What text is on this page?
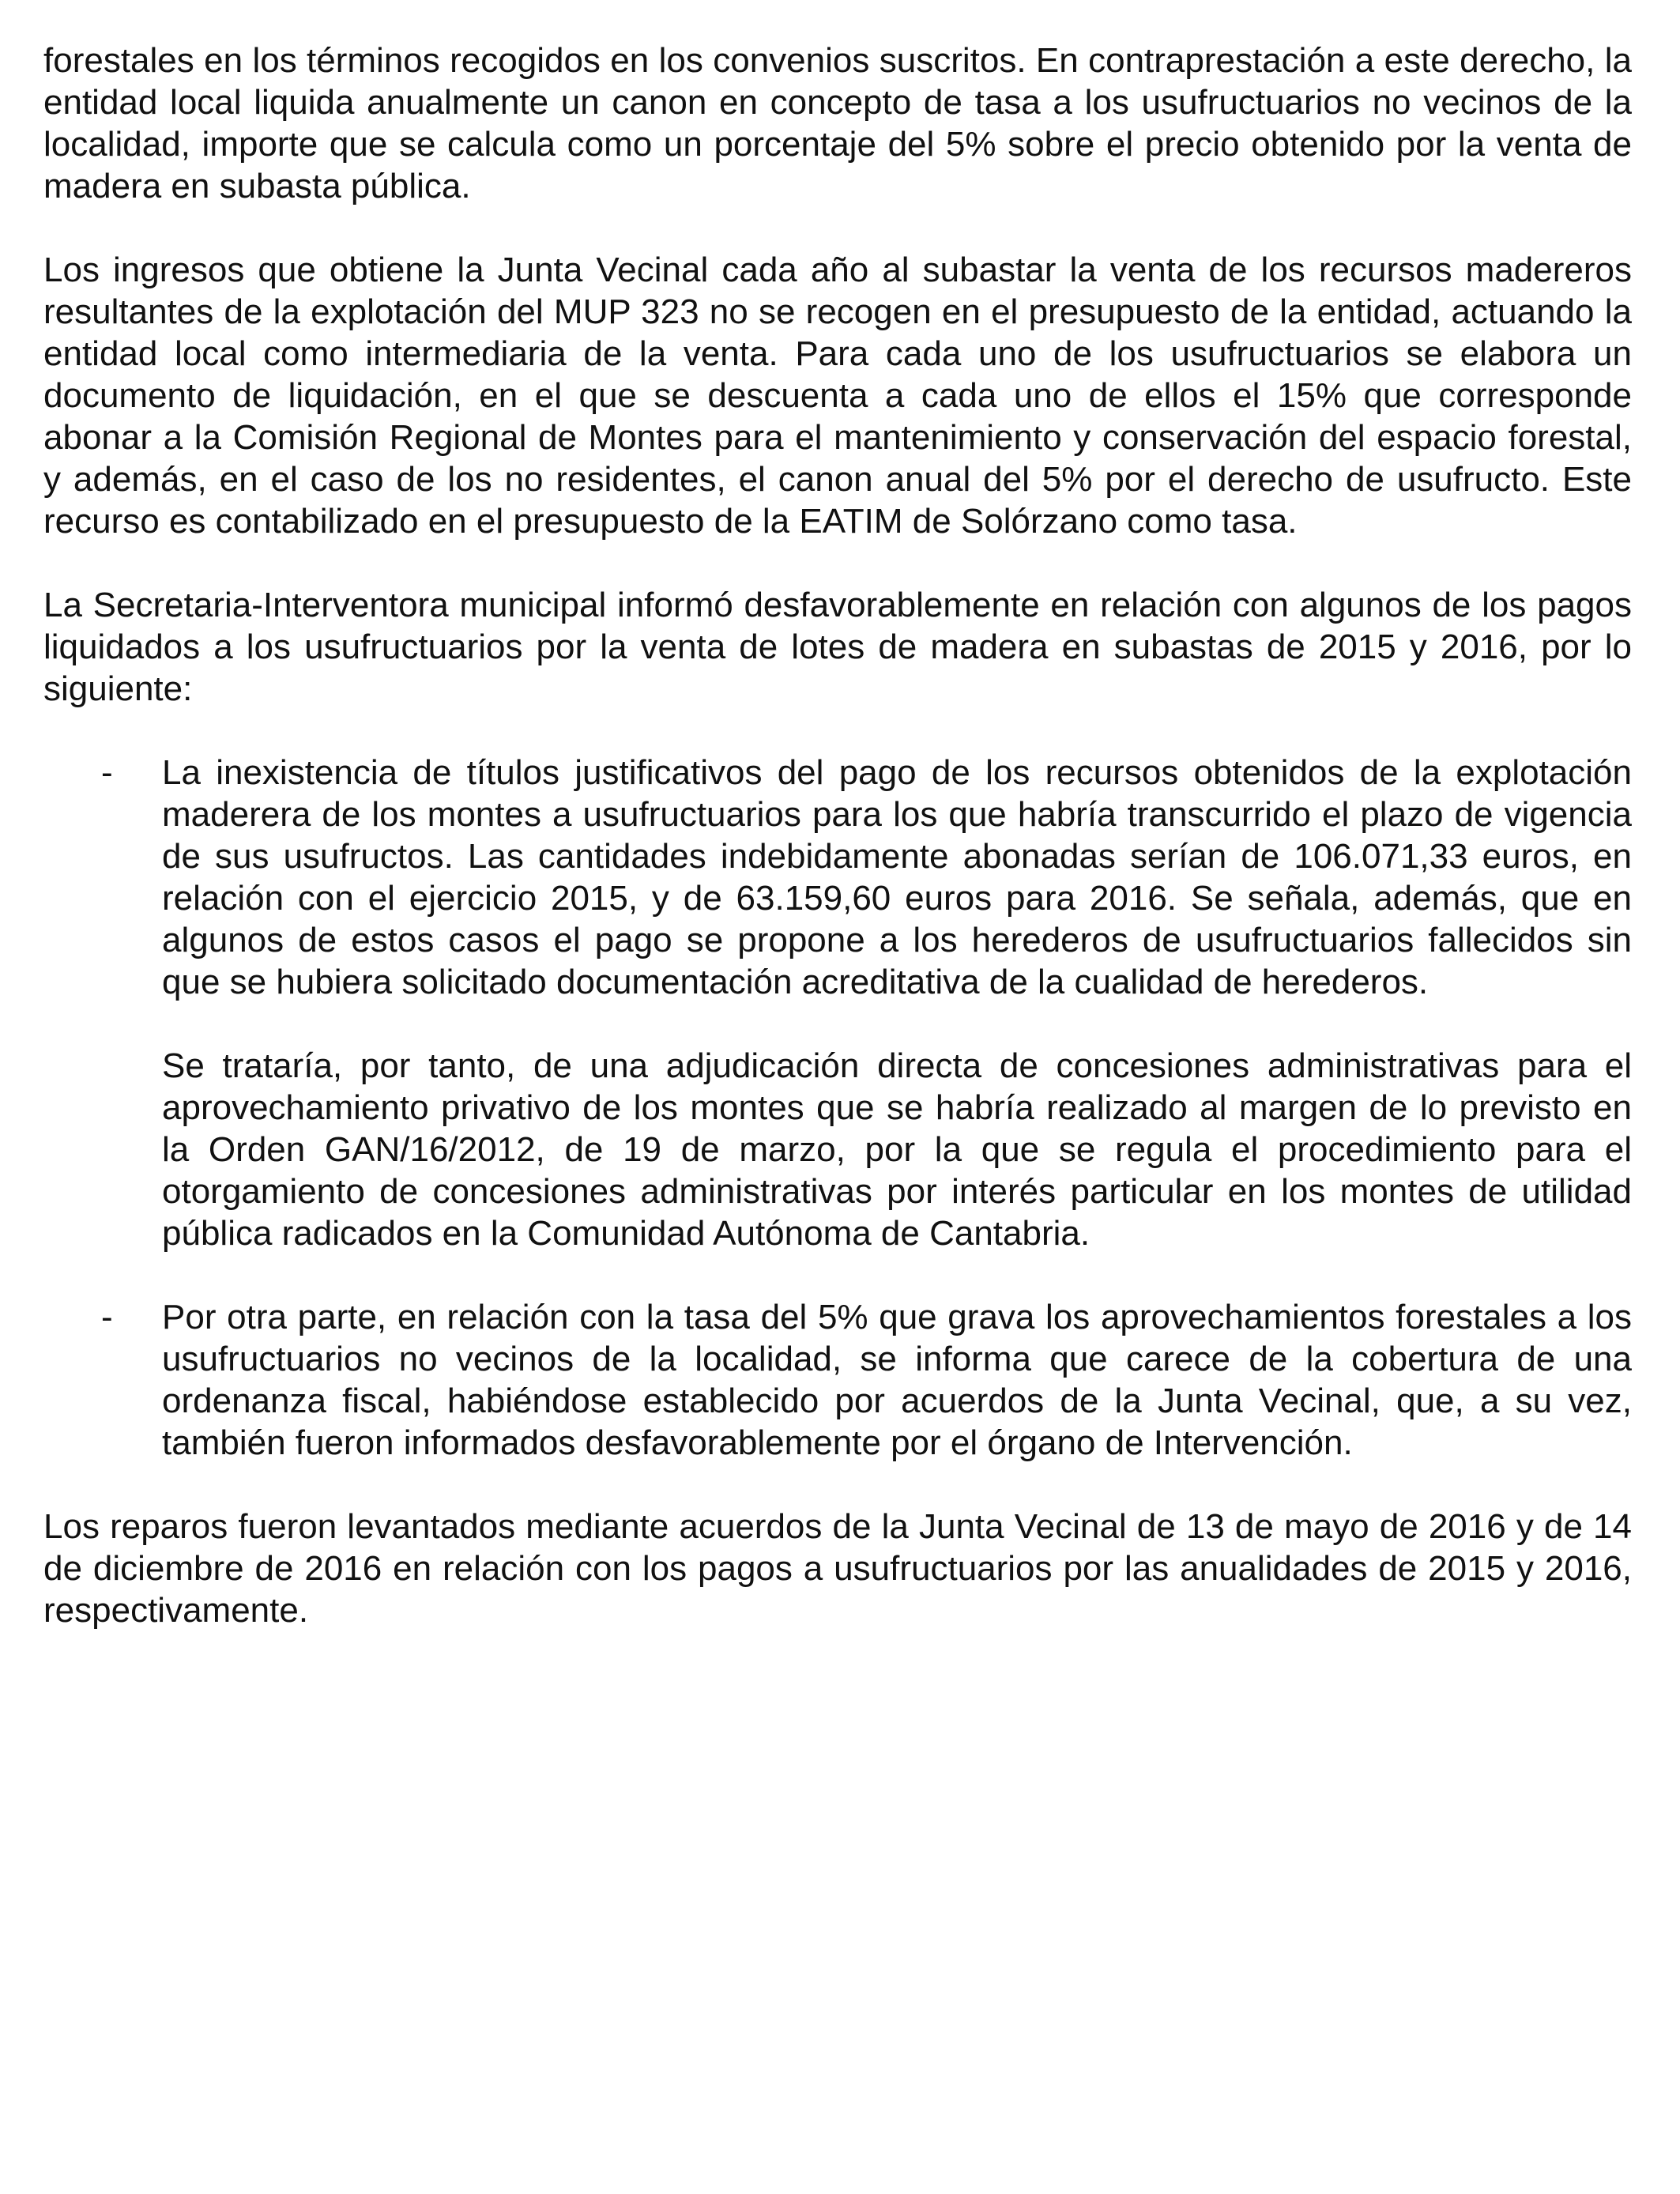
forestales en los términos recogidos en los convenios suscritos. En contraprestación a este derecho, la entidad local liquida anualmente un canon en concepto de tasa a los usufructuarios no vecinos de la localidad, importe que se calcula como un porcentaje del 5% sobre el precio obtenido por la venta de madera en subasta pública.

Los ingresos que obtiene la Junta Vecinal cada año al subastar la venta de los recursos madereros resultantes de la explotación del MUP 323 no se recogen en el presupuesto de la entidad, actuando la entidad local como intermediaria de la venta. Para cada uno de los usufructuarios se elabora un documento de liquidación, en el que se descuenta a cada uno de ellos el 15% que corresponde abonar a la Comisión Regional de Montes para el mantenimiento y conservación del espacio forestal, y además, en el caso de los no residentes, el canon anual del 5% por el derecho de usufructo. Este recurso es contabilizado en el presupuesto de la EATIM de Solórzano como tasa.

La Secretaria-Interventora municipal informó desfavorablemente en relación con algunos de los pagos liquidados a los usufructuarios por la venta de lotes de madera en subastas de 2015 y 2016, por lo siguiente:

- La inexistencia de títulos justificativos del pago de los recursos obtenidos de la explotación maderera de los montes a usufructuarios para los que habría transcurrido el plazo de vigencia de sus usufructos. Las cantidades indebidamente abonadas serían de 106.071,33 euros, en relación con el ejercicio 2015, y de 63.159,60 euros para 2016. Se señala, además, que en algunos de estos casos el pago se propone a los herederos de usufructuarios fallecidos sin que se hubiera solicitado documentación acreditativa de la cualidad de herederos.

Se trataría, por tanto, de una adjudicación directa de concesiones administrativas para el aprovechamiento privativo de los montes que se habría realizado al margen de lo previsto en la Orden GAN/16/2012, de 19 de marzo, por la que se regula el procedimiento para el otorgamiento de concesiones administrativas por interés particular en los montes de utilidad pública radicados en la Comunidad Autónoma de Cantabria.

- Por otra parte, en relación con la tasa del 5% que grava los aprovechamientos forestales a los usufructuarios no vecinos de la localidad, se informa que carece de la cobertura de una ordenanza fiscal, habiéndose establecido por acuerdos de la Junta Vecinal, que, a su vez, también fueron informados desfavorablemente por el órgano de Intervención.

Los reparos fueron levantados mediante acuerdos de la Junta Vecinal de 13 de mayo de 2016 y de 14 de diciembre de 2016 en relación con los pagos a usufructuarios por las anualidades de 2015 y 2016, respectivamente.
